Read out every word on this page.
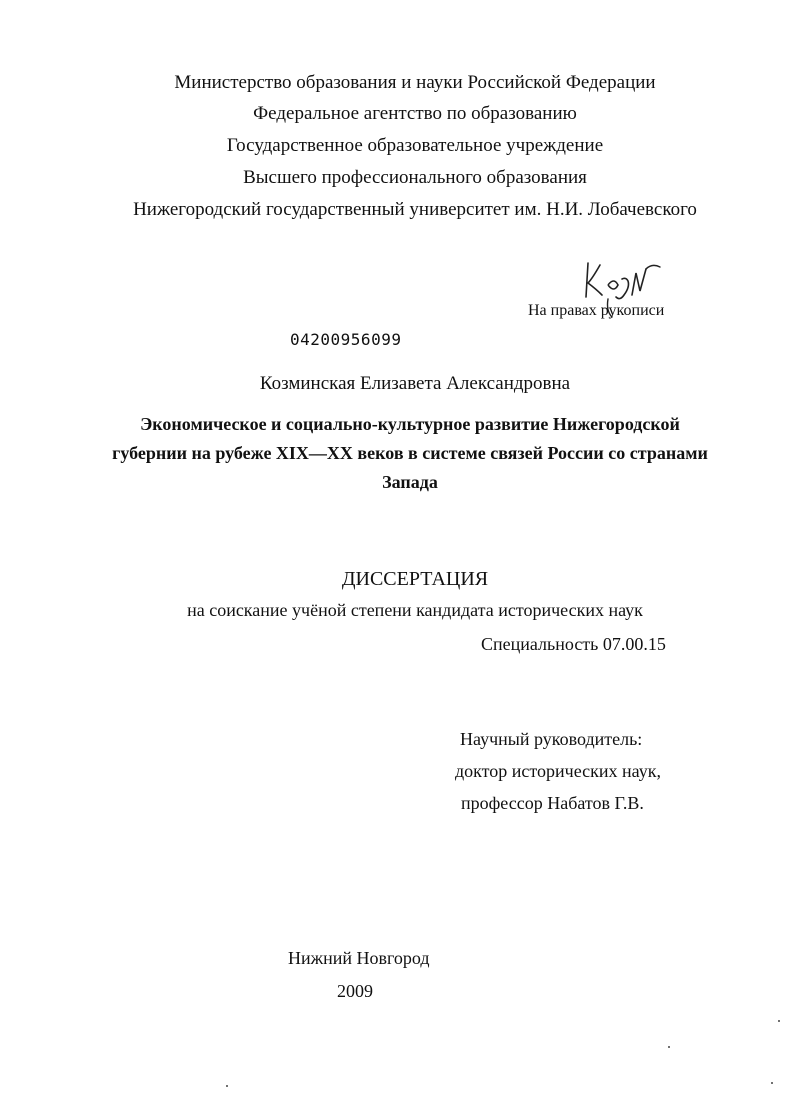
Министерство образования и науки Российской Федерации
Федеральное агентство по образованию
Государственное образовательное учреждение
Высшего профессионального образования
Нижегородский государственный университет им. Н.И. Лобачевского
На правах рукописи
04200956099
Козминская Елизавета Александровна
Экономическое и социально-культурное развитие Нижегородской губернии на рубеже XIX—XX веков в системе связей России со странами Запада
ДИССЕРТАЦИЯ
на соискание учёной степени кандидата исторических наук
Специальность 07.00.15
Научный руководитель:
доктор исторических наук,
профессор Набатов Г.В.
Нижний Новгород
2009
